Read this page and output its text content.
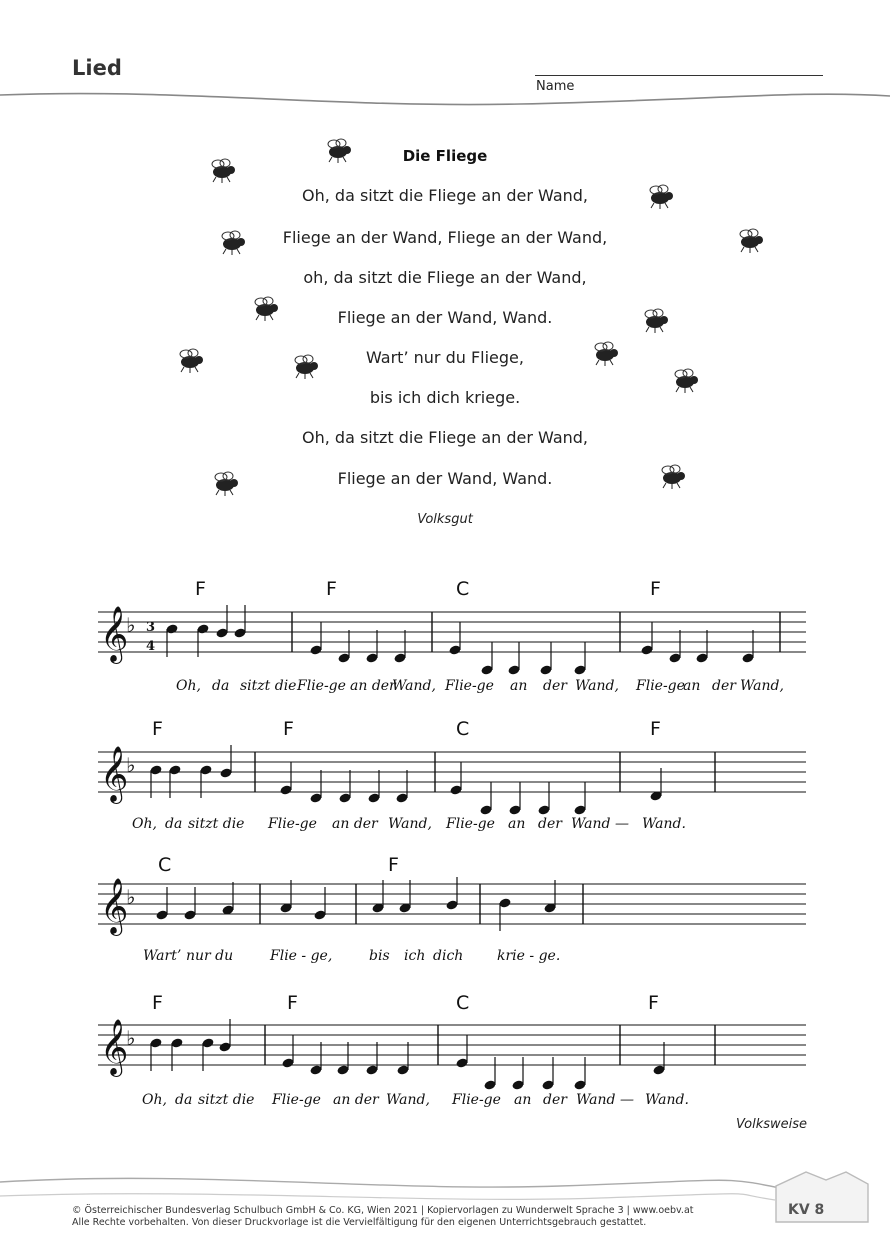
Lied
Name
Die Fliege
Oh, da sitzt die Fliege an der Wand,
Fliege an der Wand, Fliege an der Wand,
oh, da sitzt die Fliege an der Wand,
Fliege an der Wand, Wand.
Wart’ nur du Fliege,
bis ich dich kriege.
Oh, da sitzt die Fliege an der Wand,
Fliege an der Wand, Wand.
Volksgut
𝄞
♭ 3
4
𝄞
♭
𝄞
♭
𝄞
♭
F	F	C	F
F	F	C	F
C	F
F	F	C	F
Oh, da sitzt die Flie-ge an der
Wand, Flie-ge an der Wand, Flie-ge
an der Wand,
Oh, da sitzt die Flie-ge an der Wand, Flie-ge an der Wand — Wand.
Wart’ nur du	Flie - ge,	bis ich dich krie - ge.
Oh, da sitzt die Flie-ge an der Wand, Flie-ge an der Wand — Wand.
Volksweise
© Österreichischer Bundesverlag Schulbuch GmbH & Co. KG, Wien 2021 | Kopiervorlagen zu Wunderwelt Sprache 3 | www.oebv.at
Alle Rechte vorbehalten. Von dieser Druckvorlage ist die Vervielfältigung für den eigenen Unterrichtsgebrauch gestattet.
KV 8
